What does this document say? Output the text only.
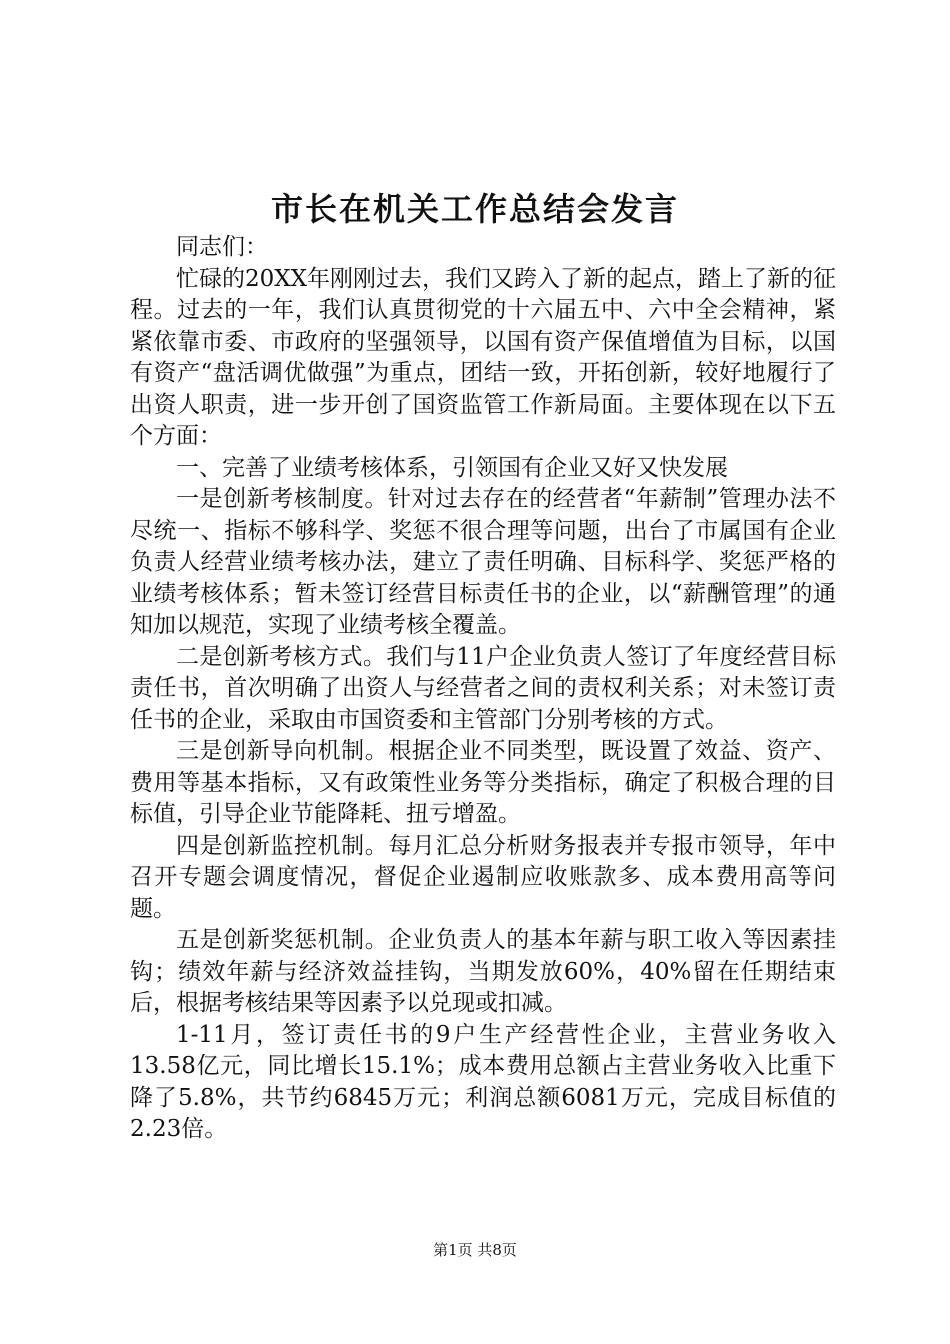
市长在机关工作总结会发言

同志们：

忙碌的20XX年刚刚过去，我们又跨入了新的起点，踏上了新的征程。过去的一年，我们认真贯彻党的十六届五中、六中全会精神，紧紧依靠市委、市政府的坚强领导，以国有资产保值增值为目标，以国有资产“盘活调优做强”为重点，团结一致，开拓创新，较好地履行了出资人职责，进一步开创了国资监管工作新局面。主要体现在以下五个方面：

一、完善了业绩考核体系，引领国有企业又好又快发展

一是创新考核制度。针对过去存在的经营者“年薪制”管理办法不尽统一、指标不够科学、奖惩不很合理等问题，出台了市属国有企业负责人经营业绩考核办法，建立了责任明确、目标科学、奖惩严格的业绩考核体系；暂未签订经营目标责任书的企业，以“薪酬管理”的通知加以规范，实现了业绩考核全覆盖。

二是创新考核方式。我们与11户企业负责人签订了年度经营目标责任书，首次明确了出资人与经营者之间的责权利关系；对未签订责任书的企业，采取由市国资委和主管部门分别考核的方式。

三是创新导向机制。根据企业不同类型，既设置了效益、资产、费用等基本指标，又有政策性业务等分类指标，确定了积极合理的目标值，引导企业节能降耗、扭亏增盈。

四是创新监控机制。每月汇总分析财务报表并专报市领导，年中召开专题会调度情况，督促企业遏制应收账款多、成本费用高等问题。

五是创新奖惩机制。企业负责人的基本年薪与职工收入等因素挂钩；绩效年薪与经济效益挂钩，当期发放60%，40%留在任期结束后，根据考核结果等因素予以兑现或扣减。

1-11月，签订责任书的9户生产经营性企业，主营业务收入13.58亿元，同比增长15.1%；成本费用总额占主营业务收入比重下降了5.8%，共节约6845万元；利润总额6081万元，完成目标值的2.23倍。

第1页 共8页
